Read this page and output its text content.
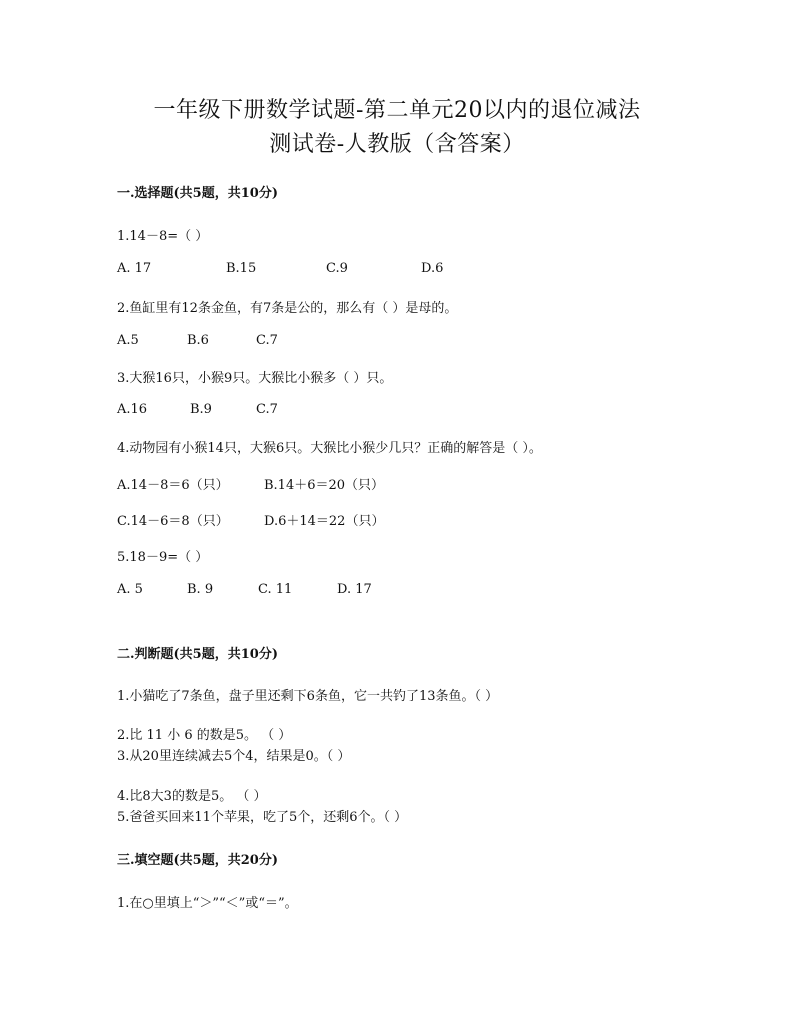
一年级下册数学试题-第二单元20以内的退位减法
测试卷-人教版（含答案）
一.选择题(共5题，共10分)
1.14－8=（ ）
A. 17	B.15	C.9	D.6
2.鱼缸里有12条金鱼，有7条是公的，那么有（ ）是母的。
A.5	B.6	C.7
3.大猴16只，小猴9只。大猴比小猴多（ ）只。
A.16	B.9	C.7
4.动物园有小猴14只，大猴6只。大猴比小猴少几只？正确的解答是（ ）。
A.14－8＝6（只）	B.14＋6＝20（只）
C.14－6＝8（只）	D.6＋14＝22（只）
5.18－9=（ ）
A. 5	B. 9	C. 11	D. 17
二.判断题(共5题，共10分)
1.小猫吃了7条鱼，盘子里还剩下6条鱼，它一共钓了13条鱼。（ ）
2.比 11 小 6 的数是5。 （ ）
3.从20里连续减去5个4，结果是0。（ ）
4.比8大3的数是5。 （ ）
5.爸爸买回来11个苹果，吃了5个，还剩6个。（ ）
三.填空题(共5题，共20分)
1.在○里填上“＞”“＜”或“＝”。
